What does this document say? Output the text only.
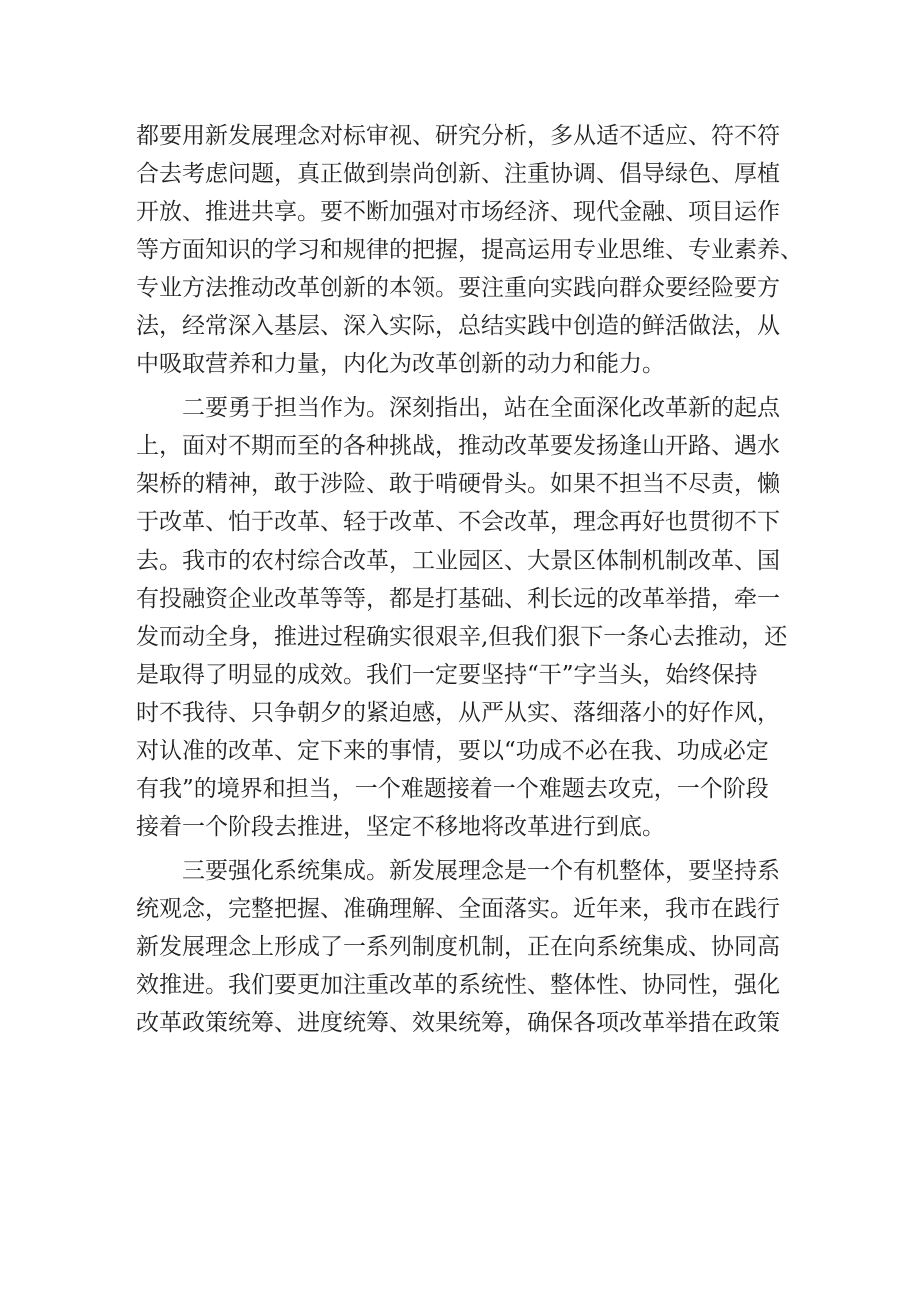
都要用新发展理念对标审视、研究分析，多从适不适应、符不符
合去考虑问题，真正做到崇尚创新、注重协调、倡导绿色、厚植
开放、推进共享。要不断加强对市场经济、现代金融、项目运作
等方面知识的学习和规律的把握，提高运用专业思维、专业素养、
专业方法推动改革创新的本领。要注重向实践向群众要经险要方
法，经常深入基层、深入实际，总结实践中创造的鲜活做法，从
中吸取营养和力量，内化为改革创新的动力和能力。
二要勇于担当作为。深刻指出，站在全面深化改革新的起点
上，面对不期而至的各种挑战，推动改革要发扬逢山开路、遇水
架桥的精神，敢于涉险、敢于啃硬骨头。如果不担当不尽责，懒
于改革、怕于改革、轻于改革、不会改革，理念再好也贯彻不下
去。我市的农村综合改革，工业园区、大景区体制机制改革、国
有投融资企业改革等等，都是打基础、利长远的改革举措，牵一
发而动全身，推进过程确实很艰辛,但我们狠下一条心去推动，还
是取得了明显的成效。我们一定要坚持“干”字当头，始终保持
时不我待、只争朝夕的紧迫感，从严从实、落细落小的好作风，
对认准的改革、定下来的事情，要以“功成不必在我、功成必定
有我”的境界和担当，一个难题接着一个难题去攻克，一个阶段
接着一个阶段去推进，坚定不移地将改革进行到底。
三要强化系统集成。新发展理念是一个有机整体，要坚持系
统观念，完整把握、准确理解、全面落实。近年来，我市在践行
新发展理念上形成了一系列制度机制，正在向系统集成、协同高
效推进。我们要更加注重改革的系统性、整体性、协同性，强化
改革政策统筹、进度统筹、效果统筹，确保各项改革举措在政策
